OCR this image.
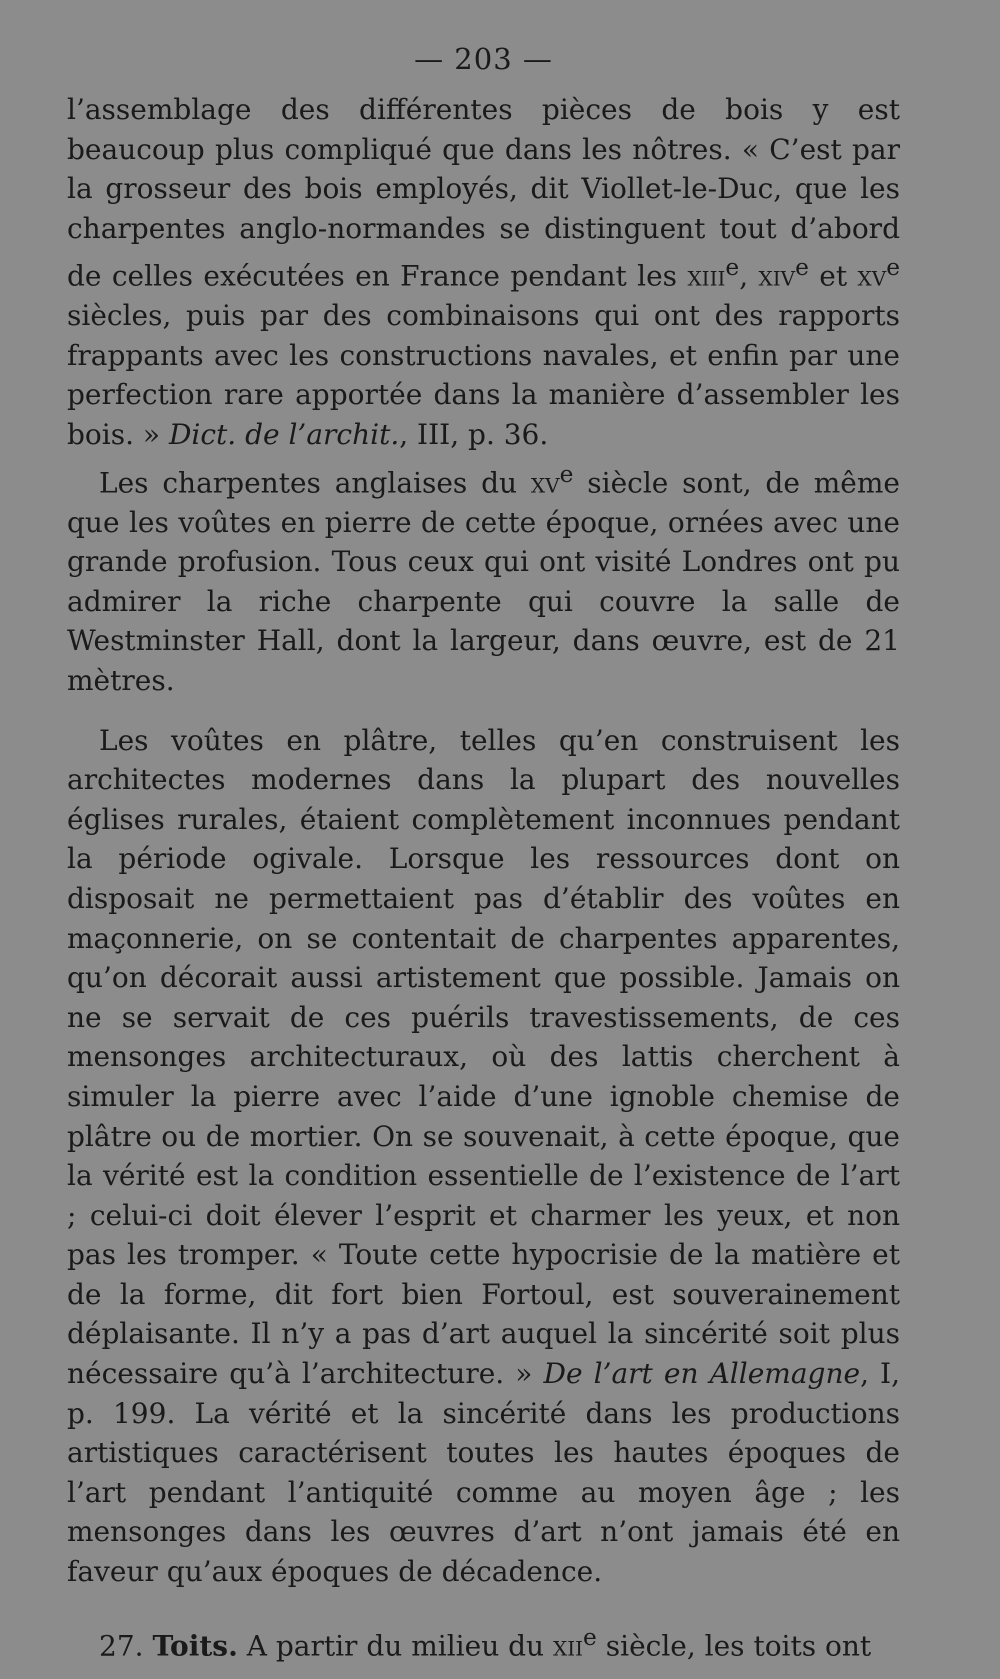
— 203 —

l’assemblage des différentes pièces de bois y est beaucoup plus compliqué que dans les nôtres. « C’est par la grosseur des bois employés, dit Viollet-le-Duc, que les charpentes anglo-normandes se distinguent tout d’abord de celles exécutées en France pendant les xiii$^e$, xiv$^e$ et $xv^e$ siècles, puis par des combinaisons qui ont des rapports frappants avec les constructions navales, et enfin par une perfection rare apportée dans la manière d’assembler les bois. » Dict. de l’archit., III, p. 36.

Les charpentes anglaises du $xv^e$ siècle sont, de même que les voûtes en pierre de cette époque, ornées avec une grande profusion. Tous ceux qui ont visité Londres ont pu admirer la riche charpente qui couvre la salle de Westminster Hall, dont la largeur, dans œuvre, est de 21 mètres.

Les voûtes en plâtre, telles qu’en construisent les architectes modernes dans la plupart des nouvelles églises rurales, étaient complètement inconnues pendant la période ogivale. Lorsque les ressources dont on disposait ne permettaient pas d’établir des voûtes en maçonnerie, on se contentait de charpentes apparentes, qu’on décorait aussi artistement que possible. Jamais on ne se servait de ces puérils travestissements, de ces mensonges architecturaux, où des lattis cherchent à simuler la pierre avec l’aide d’une ignoble chemise de plâtre ou de mortier. On se souvenait, à cette époque, que la vérité est la condition essentielle de l’existence de l’art ; celui-ci doit élever l’esprit et charmer les yeux, et non pas les tromper. « Toute cette hypocrisie de la matière et de la forme, dit fort bien Fortoul, est souverainement déplaisante. Il n’y a pas d’art auquel la sincérité soit plus nécessaire qu’à l’architecture. » De l’art en Allemagne, I, p. 199. La vérité et la sincérité dans les productions artistiques caractérisent toutes les hautes époques de l’art pendant l’antiquité comme au moyen âge ; les mensonges dans les œuvres d’art n’ont jamais été en faveur qu’aux époques de décadence.

27. Toits. A partir du milieu du xii$^e$ siècle, les toits ont
